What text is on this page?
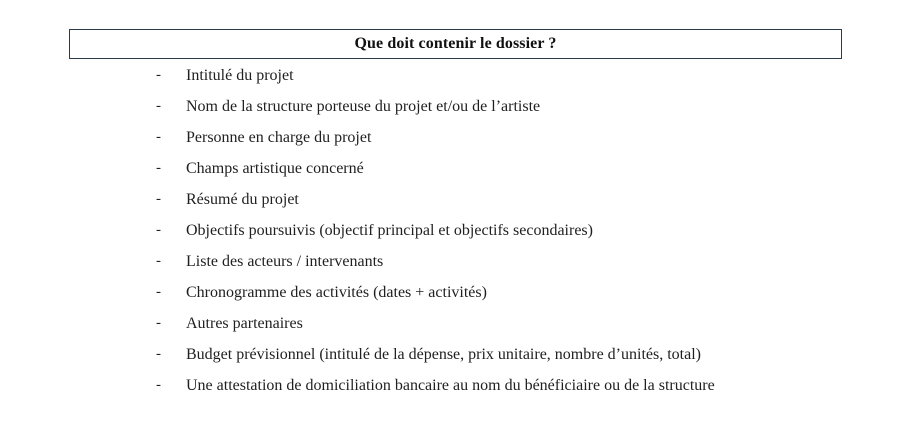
Que doit contenir le dossier ?
- Intitulé du projet
- Nom de la structure porteuse du projet et/ou de l’artiste
- Personne en charge du projet
- Champs artistique concerné
- Résumé du projet
- Objectifs poursuivis (objectif principal et objectifs secondaires)
- Liste des acteurs / intervenants
- Chronogramme des activités (dates + activités)
- Autres partenaires
- Budget prévisionnel (intitulé de la dépense, prix unitaire, nombre d’unités, total)
- Une attestation de domiciliation bancaire au nom du bénéficiaire ou de la structure
